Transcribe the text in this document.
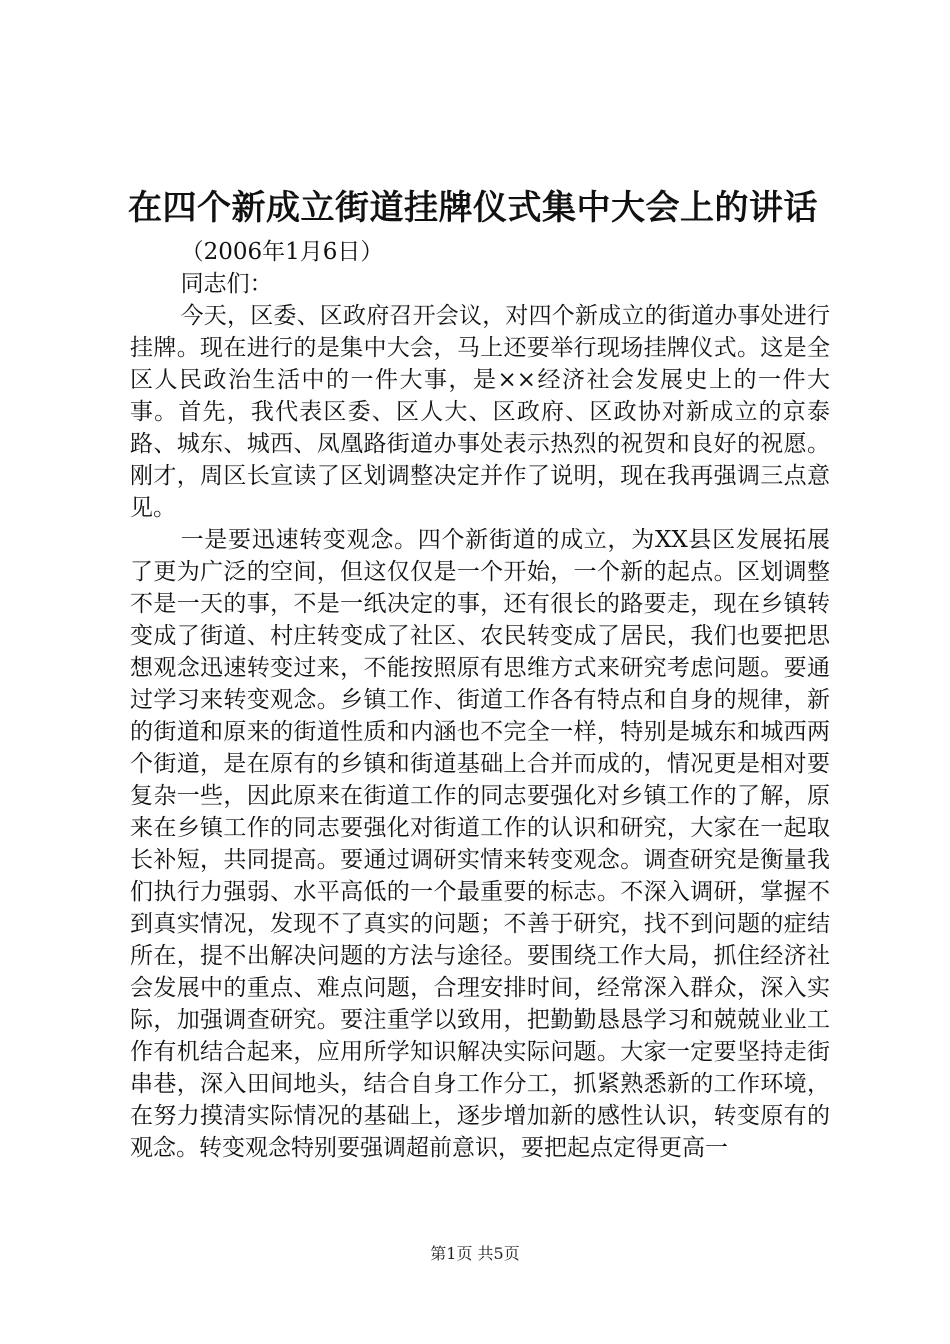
在四个新成立街道挂牌仪式集中大会上的讲话

（2006年1月6日）

同志们：

今天，区委、区政府召开会议，对四个新成立的街道办事处进行挂牌。现在进行的是集中大会，马上还要举行现场挂牌仪式。这是全区人民政治生活中的一件大事，是××经济社会发展史上的一件大事。首先，我代表区委、区人大、区政府、区政协对新成立的京泰路、城东、城西、凤凰路街道办事处表示热烈的祝贺和良好的祝愿。刚才，周区长宣读了区划调整决定并作了说明，现在我再强调三点意见。

一是要迅速转变观念。四个新街道的成立，为XX县区发展拓展了更为广泛的空间，但这仅仅是一个开始，一个新的起点。区划调整不是一天的事，不是一纸决定的事，还有很长的路要走，现在乡镇转变成了街道、村庄转变成了社区、农民转变成了居民，我们也要把思想观念迅速转变过来，不能按照原有思维方式来研究考虑问题。要通过学习来转变观念。乡镇工作、街道工作各有特点和自身的规律，新的街道和原来的街道性质和内涵也不完全一样，特别是城东和城西两个街道，是在原有的乡镇和街道基础上合并而成的，情况更是相对要复杂一些，因此原来在街道工作的同志要强化对乡镇工作的了解，原来在乡镇工作的同志要强化对街道工作的认识和研究，大家在一起取长补短，共同提高。要通过调研实情来转变观念。调查研究是衡量我们执行力强弱、水平高低的一个最重要的标志。不深入调研，掌握不到真实情况，发现不了真实的问题；不善于研究，找不到问题的症结所在，提不出解决问题的方法与途径。要围绕工作大局，抓住经济社会发展中的重点、难点问题，合理安排时间，经常深入群众，深入实际，加强调查研究。要注重学以致用，把勤勤恳恳学习和兢兢业业工作有机结合起来，应用所学知识解决实际问题。大家一定要坚持走街串巷，深入田间地头，结合自身工作分工，抓紧熟悉新的工作环境，在努力摸清实际情况的基础上，逐步增加新的感性认识，转变原有的观念。转变观念特别要强调超前意识，要把起点定得更高一

第1页 共5页
